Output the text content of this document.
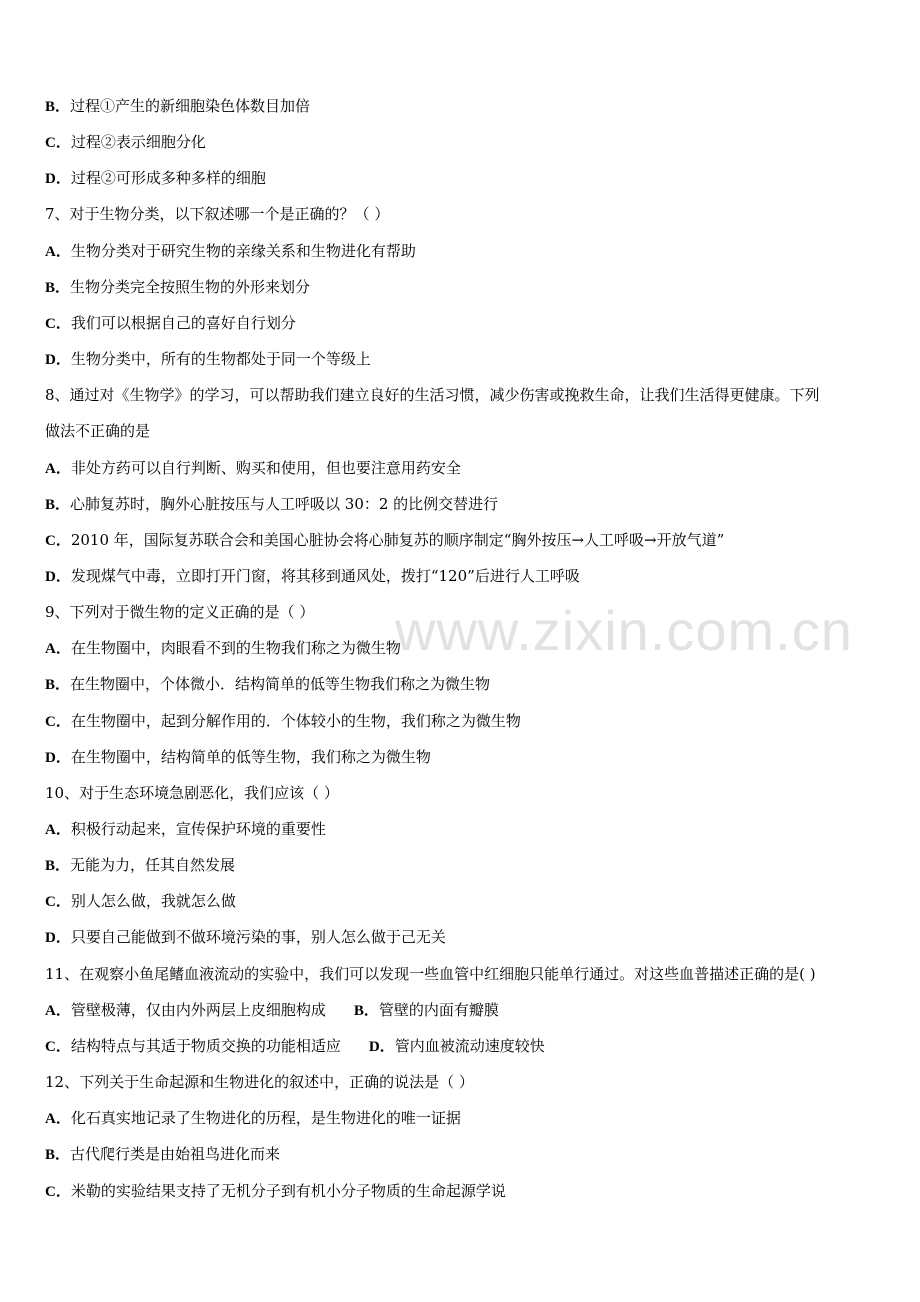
www.zixin.com.cn
B．过程①产生的新细胞染色体数目加倍
C．过程②表示细胞分化
D．过程②可形成多种多样的细胞
7、对于生物分类，以下叙述哪一个是正确的？（ ）
A．生物分类对于研究生物的亲缘关系和生物进化有帮助
B．生物分类完全按照生物的外形来划分
C．我们可以根据自己的喜好自行划分
D．生物分类中，所有的生物都处于同一个等级上
8、通过对《生物学》的学习，可以帮助我们建立良好的生活习惯，减少伤害或挽救生命，让我们生活得更健康。下列
做法不正确的是
A．非处方药可以自行判断、购买和使用，但也要注意用药安全
B．心肺复苏时，胸外心脏按压与人工呼吸以 30：2 的比例交替进行
C．2010 年，国际复苏联合会和美国心脏协会将心肺复苏的顺序制定“胸外按压→人工呼吸→开放气道”
D．发现煤气中毒，立即打开门窗，将其移到通风处，拨打“120”后进行人工呼吸
9、下列对于微生物的定义正确的是（ ）
A．在生物圈中，肉眼看不到的生物我们称之为微生物
B．在生物圈中，个体微小．结构简单的低等生物我们称之为微生物
C．在生物圈中，起到分解作用的．个体较小的生物，我们称之为微生物
D．在生物圈中，结构简单的低等生物，我们称之为微生物
10、对于生态环境急剧恶化，我们应该（ ）
A．积极行动起来，宣传保护环境的重要性
B．无能为力，任其自然发展
C．别人怎么做，我就怎么做
D．只要自己能做到不做环境污染的事，别人怎么做于己无关
11、在观察小鱼尾鳍血液流动的实验中，我们可以发现一些血管中红细胞只能单行通过。对这些血普描述正确的是( )
A．管壁极薄，仅由内外两层上皮细胞构成 B．管壁的内面有瓣膜
C．结构特点与其适于物质交换的功能相适应 D．管内血被流动速度较快
12、下列关于生命起源和生物进化的叙述中，正确的说法是（ ）
A．化石真实地记录了生物进化的历程，是生物进化的唯一证据
B．古代爬行类是由始祖鸟进化而来
C．米勒的实验结果支持了无机分子到有机小分子物质的生命起源学说
